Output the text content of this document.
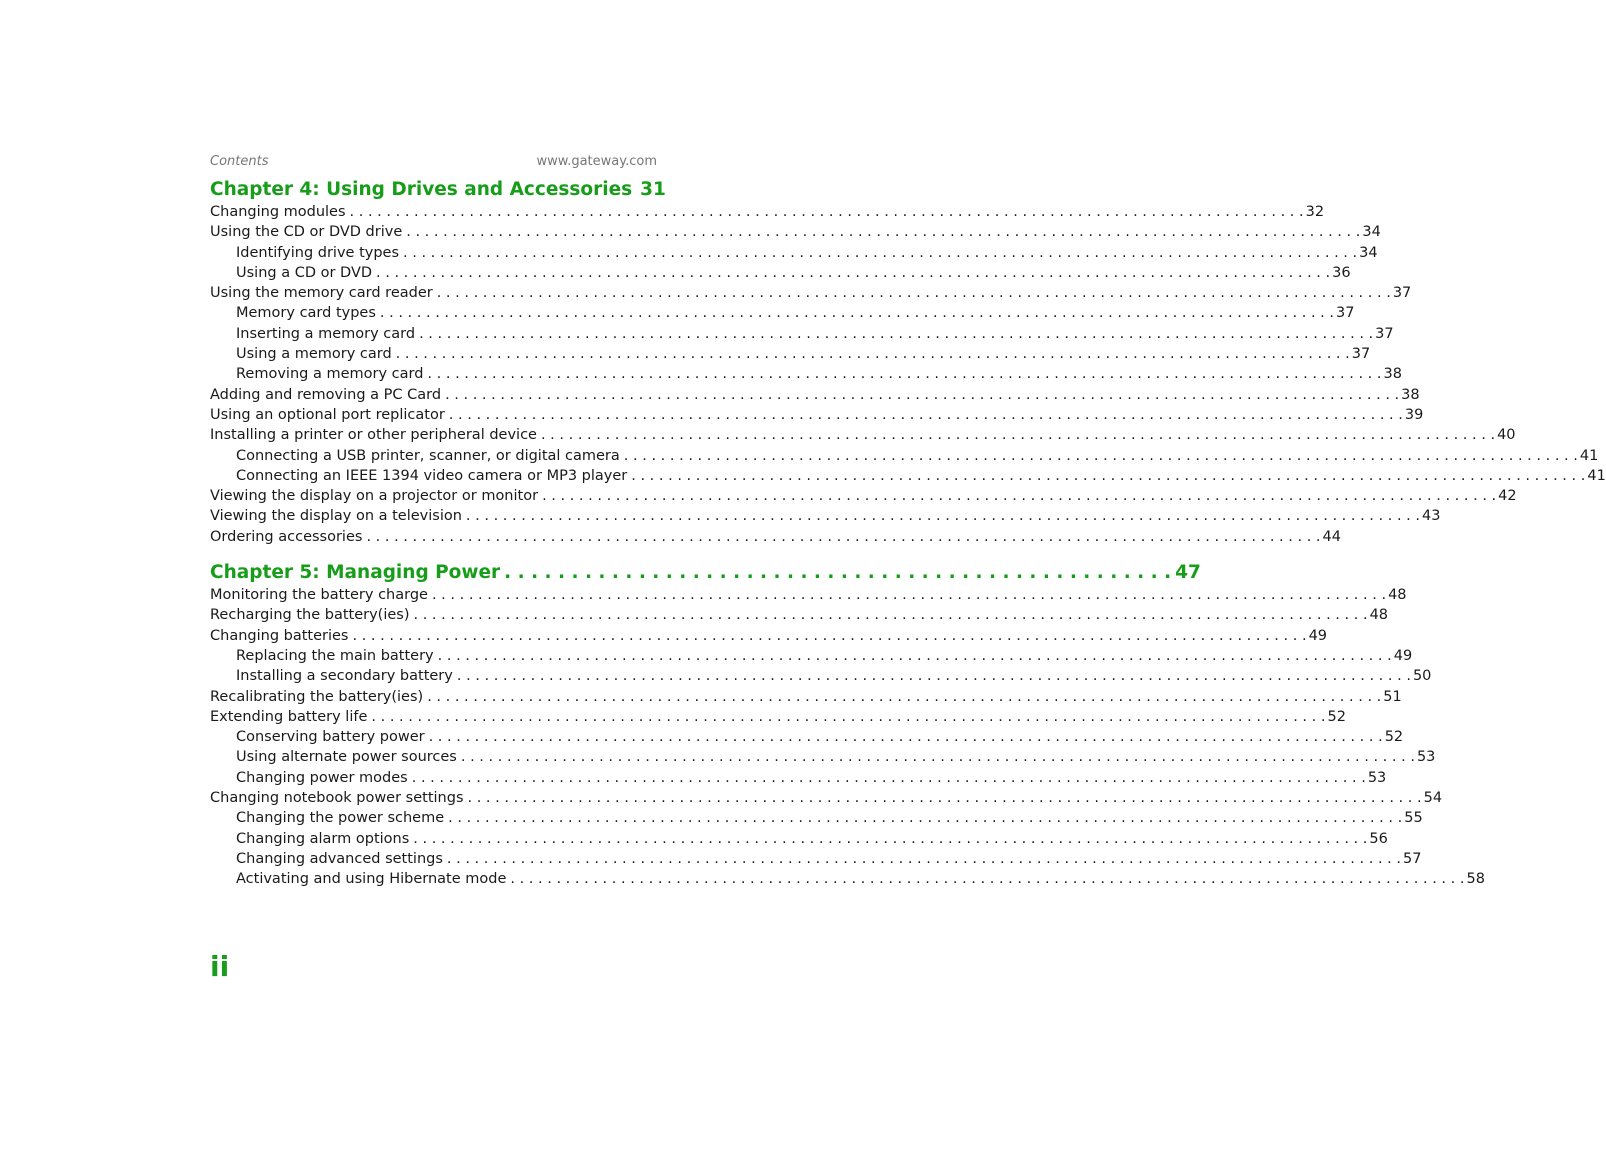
Contents	www.gateway.com
Chapter 4: Using Drives and Accessories 31
Changing modules . . .	32
Using the CD or DVD drive . . .	34
Identifying drive types . . .	34
Using a CD or DVD . . .	36
Using the memory card reader . . .	37
Memory card types . . .	37
Inserting a memory card . . .	37
Using a memory card . . .	37
Removing a memory card . . .	38
Adding and removing a PC Card . . .	38
Using an optional port replicator . . .	39
Installing a printer or other peripheral device . . .	40
Connecting a USB printer, scanner, or digital camera . . .	41
Connecting an IEEE 1394 video camera or MP3 player . . .	41
Viewing the display on a projector or monitor . . .	42
Viewing the display on a television . . .	43
Ordering accessories . . .	44
Chapter 5: Managing Power . . .	47
Monitoring the battery charge . . .	48
Recharging the battery(ies) . . .	48
Changing batteries . . .	49
Replacing the main battery . . .	49
Installing a secondary battery . . .	50
Recalibrating the battery(ies) . . .	51
Extending battery life . . .	52
Conserving battery power . . .	52
Using alternate power sources . . .	53
Changing power modes . . .	53
Changing notebook power settings . . .	54
Changing the power scheme . . .	55
Changing alarm options . . .	56
Changing advanced settings . . .	57
Activating and using Hibernate mode . . .	58
ii
